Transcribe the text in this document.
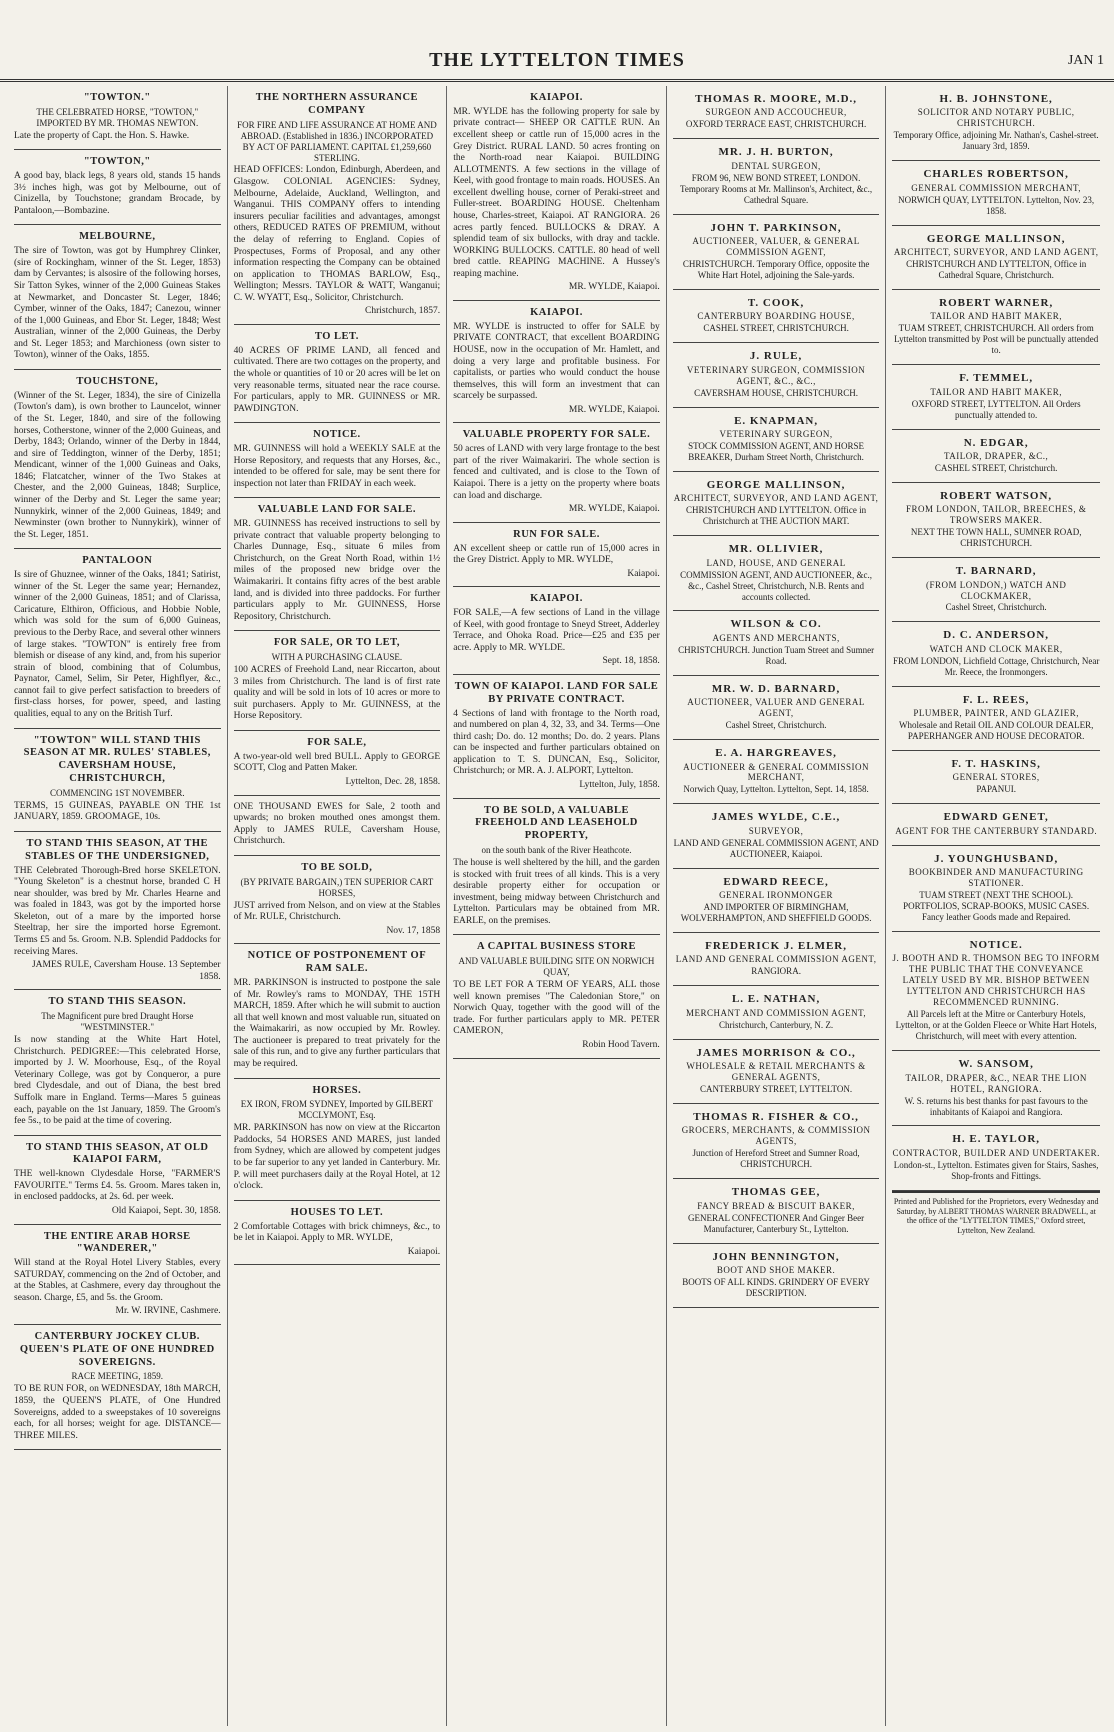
THE LYTTELTON TIMES	JAN 1
"TOWTON."
THE CELEBRATED HORSE, "TOWTON," IMPORTED BY MR. THOMAS NEWTON.
Late the property of Capt. the Hon. S. Hawke.
"TOWTON,"
A good bay, black legs, 8 years old, stands 15 hands 3½ inches high, was got by Melbourne, out of Cinizella, by Touchstone; grandam Brocade, by Pantaloon,—Bombazine.
MELBOURNE,
The sire of Towton, was got by Humphrey Clinker, (sire of Rockingham, winner of the St. Leger, 1853) dam by Cervantes; is alsosire of the following horses, Sir Tatton Sykes, winner of the 2,000 Guineas Stakes at Newmarket, and Doncaster St. Leger, 1846; Cymber, winner of the Oaks, 1847; Canezou, winner of the 1,000 Guineas, and Ebor St. Leger, 1848; West Australian, winner of the 2,000 Guineas, the Derby and St. Leger 1853; and Marchioness (own sister to Towton), winner of the Oaks, 1855.
TOUCHSTONE,
(Winner of the St. Leger, 1834), the sire of Cinizella (Towton's dam), is own brother to Launcelot, winner of the St. Leger, 1840, and sire of the following horses, Cotherstone, winner of the 2,000 Guineas, and Derby, 1843; Orlando, winner of the Derby in 1844, and sire of Teddington, winner of the Derby, 1851; Mendicant, winner of the 1,000 Guineas and Oaks, 1846; Flatcatcher, winner of the Two Stakes at Chester, and the 2,000 Guineas, 1848; Surplice, winner of the Derby and St. Leger the same year; Nunnykirk, winner of the 2,000 Guineas, 1849; and Newminster (own brother to Nunnykirk), winner of the St. Leger, 1851.
PANTALOON
Is sire of Ghuznee, winner of the Oaks, 1841; Satirist, winner of the St. Leger the same year; Hernandez, winner of the 2,000 Guineas, 1851; and of Clarissa, Caricature, Elthiron, Officious, and Hobbie Noble, which was sold for the sum of 6,000 Guineas, previous to the Derby Race, and several other winners of large stakes. "TOWTON" is entirely free from blemish or disease of any kind, and, from his superior strain of blood, combining that of Columbus, Paynator, Camel, Selim, Sir Peter, Highflyer, &c., cannot fail to give perfect satisfaction to breeders of first-class horses, for power, speed, and lasting qualities, equal to any on the British Turf.
"TOWTON" WILL STAND THIS SEASON AT MR. RULES' STABLES, CAVERSHAM HOUSE, CHRISTCHURCH,
COMMENCING 1ST NOVEMBER.
TERMS, 15 GUINEAS, PAYABLE ON THE 1st JANUARY, 1859. GROOMAGE, 10s.
TO STAND THIS SEASON, AT THE STABLES OF THE UNDERSIGNED,
THE Celebrated Thorough-Bred horse SKELETON. "Young Skeleton" is a chestnut horse, branded C H near shoulder, was bred by Mr. Charles Hearne and was foaled in 1843, was got by the imported horse Skeleton, out of a mare by the imported horse Steeltrap, her sire the imported horse Egremont. Terms £5 and 5s. Groom. N.B. Splendid Paddocks for receiving Mares.
JAMES RULE, Caversham House. 13 September 1858.
TO STAND THIS SEASON.
The Magnificent pure bred Draught Horse "WESTMINSTER."
Is now standing at the White Hart Hotel, Christchurch. PEDIGREE:—This celebrated Horse, imported by J. W. Moorhouse, Esq., of the Royal Veterinary College, was got by Conqueror, a pure bred Clydesdale, and out of Diana, the best bred Suffolk mare in England. Terms—Mares 5 guineas each, payable on the 1st January, 1859. The Groom's fee 5s., to be paid at the time of covering.
TO STAND THIS SEASON, AT OLD KAIAPOI FARM,
THE well-known Clydesdale Horse, "FARMER'S FAVOURITE." Terms £4. 5s. Groom. Mares taken in, in enclosed paddocks, at 2s. 6d. per week.
Old Kaiapoi, Sept. 30, 1858.
THE ENTIRE ARAB HORSE "WANDERER,"
Will stand at the Royal Hotel Livery Stables, every SATURDAY, commencing on the 2nd of October, and at the Stables, at Cashmere, every day throughout the season. Charge, £5, and 5s. the Groom.
Mr. W. IRVINE, Cashmere.
CANTERBURY JOCKEY CLUB. QUEEN'S PLATE OF ONE HUNDRED SOVEREIGNS.
RACE MEETING, 1859.
TO BE RUN FOR, on WEDNESDAY, 18th MARCH, 1859, the QUEEN'S PLATE, of One Hundred Sovereigns, added to a sweepstakes of 10 sovereigns each, for all horses; weight for age. DISTANCE—THREE MILES.
THE NORTHERN ASSURANCE COMPANY
FOR FIRE AND LIFE ASSURANCE AT HOME AND ABROAD. (Established in 1836.) INCORPORATED BY ACT OF PARLIAMENT. CAPITAL £1,259,660 STERLING.
HEAD OFFICES: London, Edinburgh, Aberdeen, and Glasgow. COLONIAL AGENCIES: Sydney, Melbourne, Adelaide, Auckland, Wellington, and Wanganui. THIS COMPANY offers to intending insurers peculiar facilities and advantages, amongst others, REDUCED RATES OF PREMIUM, without the delay of referring to England. Copies of Prospectuses, Forms of Proposal, and any other information respecting the Company can be obtained on application to THOMAS BARLOW, Esq., Wellington; Messrs. TAYLOR & WATT, Wanganui; C. W. WYATT, Esq., Solicitor, Christchurch.
Christchurch, 1857.
TO LET.
40 ACRES OF PRIME LAND, all fenced and cultivated. There are two cottages on the property, and the whole or quantities of 10 or 20 acres will be let on very reasonable terms, situated near the race course. For particulars, apply to MR. GUINNESS or MR. PAWDINGTON.
NOTICE.
MR. GUINNESS will hold a WEEKLY SALE at the Horse Repository, and requests that any Horses, &c., intended to be offered for sale, may be sent there for inspection not later than FRIDAY in each week.
VALUABLE LAND FOR SALE.
MR. GUINNESS has received instructions to sell by private contract that valuable property belonging to Charles Dunnage, Esq., situate 6 miles from Christchurch, on the Great North Road, within 1½ miles of the proposed new bridge over the Waimakariri. It contains fifty acres of the best arable land, and is divided into three paddocks. For further particulars apply to Mr. GUINNESS, Horse Repository, Christchurch.
FOR SALE, OR TO LET,
WITH A PURCHASING CLAUSE.
100 ACRES of Freehold Land, near Riccarton, about 3 miles from Christchurch. The land is of first rate quality and will be sold in lots of 10 acres or more to suit purchasers. Apply to Mr. GUINNESS, at the Horse Repository.
FOR SALE,
A two-year-old well bred BULL. Apply to GEORGE SCOTT, Clog and Patten Maker.
Lyttelton, Dec. 28, 1858.
ONE THOUSAND EWES for Sale, 2 tooth and upwards; no broken mouthed ones amongst them. Apply to JAMES RULE, Caversham House, Christchurch.
TO BE SOLD,
(BY PRIVATE BARGAIN,) TEN SUPERIOR CART HORSES,
JUST arrived from Nelson, and on view at the Stables of Mr. RULE, Christchurch.
Nov. 17, 1858
NOTICE OF POSTPONEMENT OF RAM SALE.
MR. PARKINSON is instructed to postpone the sale of Mr. Rowley's rams to MONDAY, THE 15TH MARCH, 1859. After which he will submit to auction all that well known and most valuable run, situated on the Waimakariri, as now occupied by Mr. Rowley. The auctioneer is prepared to treat privately for the sale of this run, and to give any further particulars that may be required.
HORSES.
EX IRON, FROM SYDNEY, Imported by GILBERT MCCLYMONT, Esq.
MR. PARKINSON has now on view at the Riccarton Paddocks, 54 HORSES AND MARES, just landed from Sydney, which are allowed by competent judges to be far superior to any yet landed in Canterbury. Mr. P. will meet purchasers daily at the Royal Hotel, at 12 o'clock.
HOUSES TO LET.
2 Comfortable Cottages with brick chimneys, &c., to be let in Kaiapoi. Apply to MR. WYLDE,
Kaiapoi.
KAIAPOI.
MR. WYLDE has the following property for sale by private contract— SHEEP OR CATTLE RUN. An excellent sheep or cattle run of 15,000 acres in the Grey District. RURAL LAND. 50 acres fronting on the North-road near Kaiapoi. BUILDING ALLOTMENTS. A few sections in the village of Keel, with good frontage to main roads. HOUSES. An excellent dwelling house, corner of Peraki-street and Fuller-street. BOARDING HOUSE. Cheltenham house, Charles-street, Kaiapoi. AT RANGIORA. 26 acres partly fenced. BULLOCKS & DRAY. A splendid team of six bullocks, with dray and tackle. WORKING BULLOCKS. CATTLE. 80 head of well bred cattle. REAPING MACHINE. A Hussey's reaping machine.
MR. WYLDE, Kaiapoi.
KAIAPOI.
MR. WYLDE is instructed to offer for SALE by PRIVATE CONTRACT, that excellent BOARDING HOUSE, now in the occupation of Mr. Hamlett, and doing a very large and profitable business. For capitalists, or parties who would conduct the house themselves, this will form an investment that can scarcely be surpassed.
MR. WYLDE, Kaiapoi.
VALUABLE PROPERTY FOR SALE.
50 acres of LAND with very large frontage to the best part of the river Waimakariri. The whole section is fenced and cultivated, and is close to the Town of Kaiapoi. There is a jetty on the property where boats can load and discharge.
MR. WYLDE, Kaiapoi.
RUN FOR SALE.
AN excellent sheep or cattle run of 15,000 acres in the Grey District. Apply to MR. WYLDE,
Kaiapoi.
KAIAPOI.
FOR SALE,—A few sections of Land in the village of Keel, with good frontage to Sneyd Street, Adderley Terrace, and Ohoka Road. Price—£25 and £35 per acre. Apply to MR. WYLDE.
Sept. 18, 1858.
TOWN OF KAIAPOI. LAND FOR SALE BY PRIVATE CONTRACT.
4 Sections of land with frontage to the North road, and numbered on plan 4, 32, 33, and 34. Terms—One third cash; Do. do. 12 months; Do. do. 2 years. Plans can be inspected and further particulars obtained on application to T. S. DUNCAN, Esq., Solicitor, Christchurch; or MR. A. J. ALPORT, Lyttelton.
Lyttelton, July, 1858.
TO BE SOLD, A VALUABLE FREEHOLD AND LEASEHOLD PROPERTY,
on the south bank of the River Heathcote.
The house is well sheltered by the hill, and the garden is stocked with fruit trees of all kinds. This is a very desirable property either for occupation or investment, being midway between Christchurch and Lyttelton. Particulars may be obtained from MR. EARLE, on the premises.
A CAPITAL BUSINESS STORE
AND VALUABLE BUILDING SITE ON NORWICH QUAY,
TO BE LET FOR A TERM OF YEARS, ALL those well known premises "The Caledonian Store," on Norwich Quay, together with the good will of the trade. For further particulars apply to MR. PETER CAMERON,
Robin Hood Tavern.
THOMAS R. MOORE, M.D.,
SURGEON AND ACCOUCHEUR,
OXFORD TERRACE EAST, CHRISTCHURCH.
MR. J. H. BURTON,
DENTAL SURGEON,
FROM 96, NEW BOND STREET, LONDON. Temporary Rooms at Mr. Mallinson's, Architect, &c., Cathedral Square.
JOHN T. PARKINSON,
AUCTIONEER, VALUER, & GENERAL COMMISSION AGENT,
CHRISTCHURCH. Temporary Office, opposite the White Hart Hotel, adjoining the Sale-yards.
T. COOK,
CANTERBURY BOARDING HOUSE,
CASHEL STREET, CHRISTCHURCH.
J. RULE,
VETERINARY SURGEON, COMMISSION AGENT, &C., &C.,
CAVERSHAM HOUSE, CHRISTCHURCH.
E. KNAPMAN,
VETERINARY SURGEON,
STOCK COMMISSION AGENT, AND HORSE BREAKER, Durham Street North, Christchurch.
GEORGE MALLINSON,
ARCHITECT, SURVEYOR, AND LAND AGENT,
CHRISTCHURCH AND LYTTELTON. Office in Christchurch at THE AUCTION MART.
MR. OLLIVIER,
LAND, HOUSE, AND GENERAL
COMMISSION AGENT, AND AUCTIONEER, &c., &c., Cashel Street, Christchurch, N.B. Rents and accounts collected.
WILSON & CO.
AGENTS AND MERCHANTS,
CHRISTCHURCH. Junction Tuam Street and Sumner Road.
MR. W. D. BARNARD,
AUCTIONEER, VALUER AND GENERAL AGENT,
Cashel Street, Christchurch.
E. A. HARGREAVES,
AUCTIONEER & GENERAL COMMISSION MERCHANT,
Norwich Quay, Lyttelton. Lyttelton, Sept. 14, 1858.
JAMES WYLDE, C.E.,
SURVEYOR,
LAND AND GENERAL COMMISSION AGENT, AND AUCTIONEER, Kaiapoi.
EDWARD REECE,
GENERAL IRONMONGER
AND IMPORTER OF BIRMINGHAM, WOLVERHAMPTON, AND SHEFFIELD GOODS.
FREDERICK J. ELMER,
LAND AND GENERAL COMMISSION AGENT,
RANGIORA.
L. E. NATHAN,
MERCHANT AND COMMISSION AGENT,
Christchurch, Canterbury, N. Z.
JAMES MORRISON & CO.,
WHOLESALE & RETAIL MERCHANTS & GENERAL AGENTS,
CANTERBURY STREET, LYTTELTON.
THOMAS R. FISHER & CO.,
GROCERS, MERCHANTS, & COMMISSION AGENTS,
Junction of Hereford Street and Sumner Road, CHRISTCHURCH.
THOMAS GEE,
FANCY BREAD & BISCUIT BAKER,
GENERAL CONFECTIONER And Ginger Beer Manufacturer, Canterbury St., Lyttelton.
JOHN BENNINGTON,
BOOT AND SHOE MAKER.
BOOTS OF ALL KINDS. GRINDERY OF EVERY DESCRIPTION.
H. B. JOHNSTONE,
SOLICITOR AND NOTARY PUBLIC, CHRISTCHURCH.
Temporary Office, adjoining Mr. Nathan's, Cashel-street. January 3rd, 1859.
CHARLES ROBERTSON,
GENERAL COMMISSION MERCHANT,
NORWICH QUAY, LYTTELTON. Lyttelton, Nov. 23, 1858.
GEORGE MALLINSON,
ARCHITECT, SURVEYOR, AND LAND AGENT,
CHRISTCHURCH AND LYTTELTON, Office in Cathedral Square, Christchurch.
ROBERT WARNER,
TAILOR AND HABIT MAKER,
TUAM STREET, CHRISTCHURCH. All orders from Lyttelton transmitted by Post will be punctually attended to.
F. TEMMEL,
TAILOR AND HABIT MAKER,
OXFORD STREET, LYTTELTON. All Orders punctually attended to.
N. EDGAR,
TAILOR, DRAPER, &C.,
CASHEL STREET, Christchurch.
ROBERT WATSON,
FROM LONDON, TAILOR, BREECHES, & TROWSERS MAKER.
NEXT THE TOWN HALL, SUMNER ROAD, CHRISTCHURCH.
T. BARNARD,
(FROM LONDON,) WATCH AND CLOCKMAKER,
Cashel Street, Christchurch.
D. C. ANDERSON,
WATCH AND CLOCK MAKER,
FROM LONDON, Lichfield Cottage, Christchurch, Near Mr. Reece, the Ironmongers.
F. L. REES,
PLUMBER, PAINTER, AND GLAZIER,
Wholesale and Retail OIL AND COLOUR DEALER, PAPERHANGER AND HOUSE DECORATOR.
F. T. HASKINS,
GENERAL STORES,
PAPANUI.
EDWARD GENET,
AGENT FOR THE CANTERBURY STANDARD.
J. YOUNGHUSBAND,
BOOKBINDER AND MANUFACTURING STATIONER.
TUAM STREET (NEXT THE SCHOOL). PORTFOLIOS, SCRAP-BOOKS, MUSIC CASES. Fancy leather Goods made and Repaired.
NOTICE.
J. BOOTH AND R. THOMSON BEG TO INFORM THE PUBLIC THAT THE CONVEYANCE LATELY USED BY MR. BISHOP BETWEEN LYTTELTON AND CHRISTCHURCH HAS RECOMMENCED RUNNING.
All Parcels left at the Mitre or Canterbury Hotels, Lyttelton, or at the Golden Fleece or White Hart Hotels, Christchurch, will meet with every attention.
W. SANSOM,
TAILOR, DRAPER, &C., NEAR THE LION HOTEL, RANGIORA.
W. S. returns his best thanks for past favours to the inhabitants of Kaiapoi and Rangiora.
H. E. TAYLOR,
CONTRACTOR, BUILDER AND UNDERTAKER.
London-st., Lyttelton. Estimates given for Stairs, Sashes, Shop-fronts and Fittings.
Printed and Published for the Proprietors, every Wednesday and Saturday, by ALBERT THOMAS WARNER BRADWELL, at the office of the "LYTTELTON TIMES," Oxford street, Lyttelton, New Zealand.
